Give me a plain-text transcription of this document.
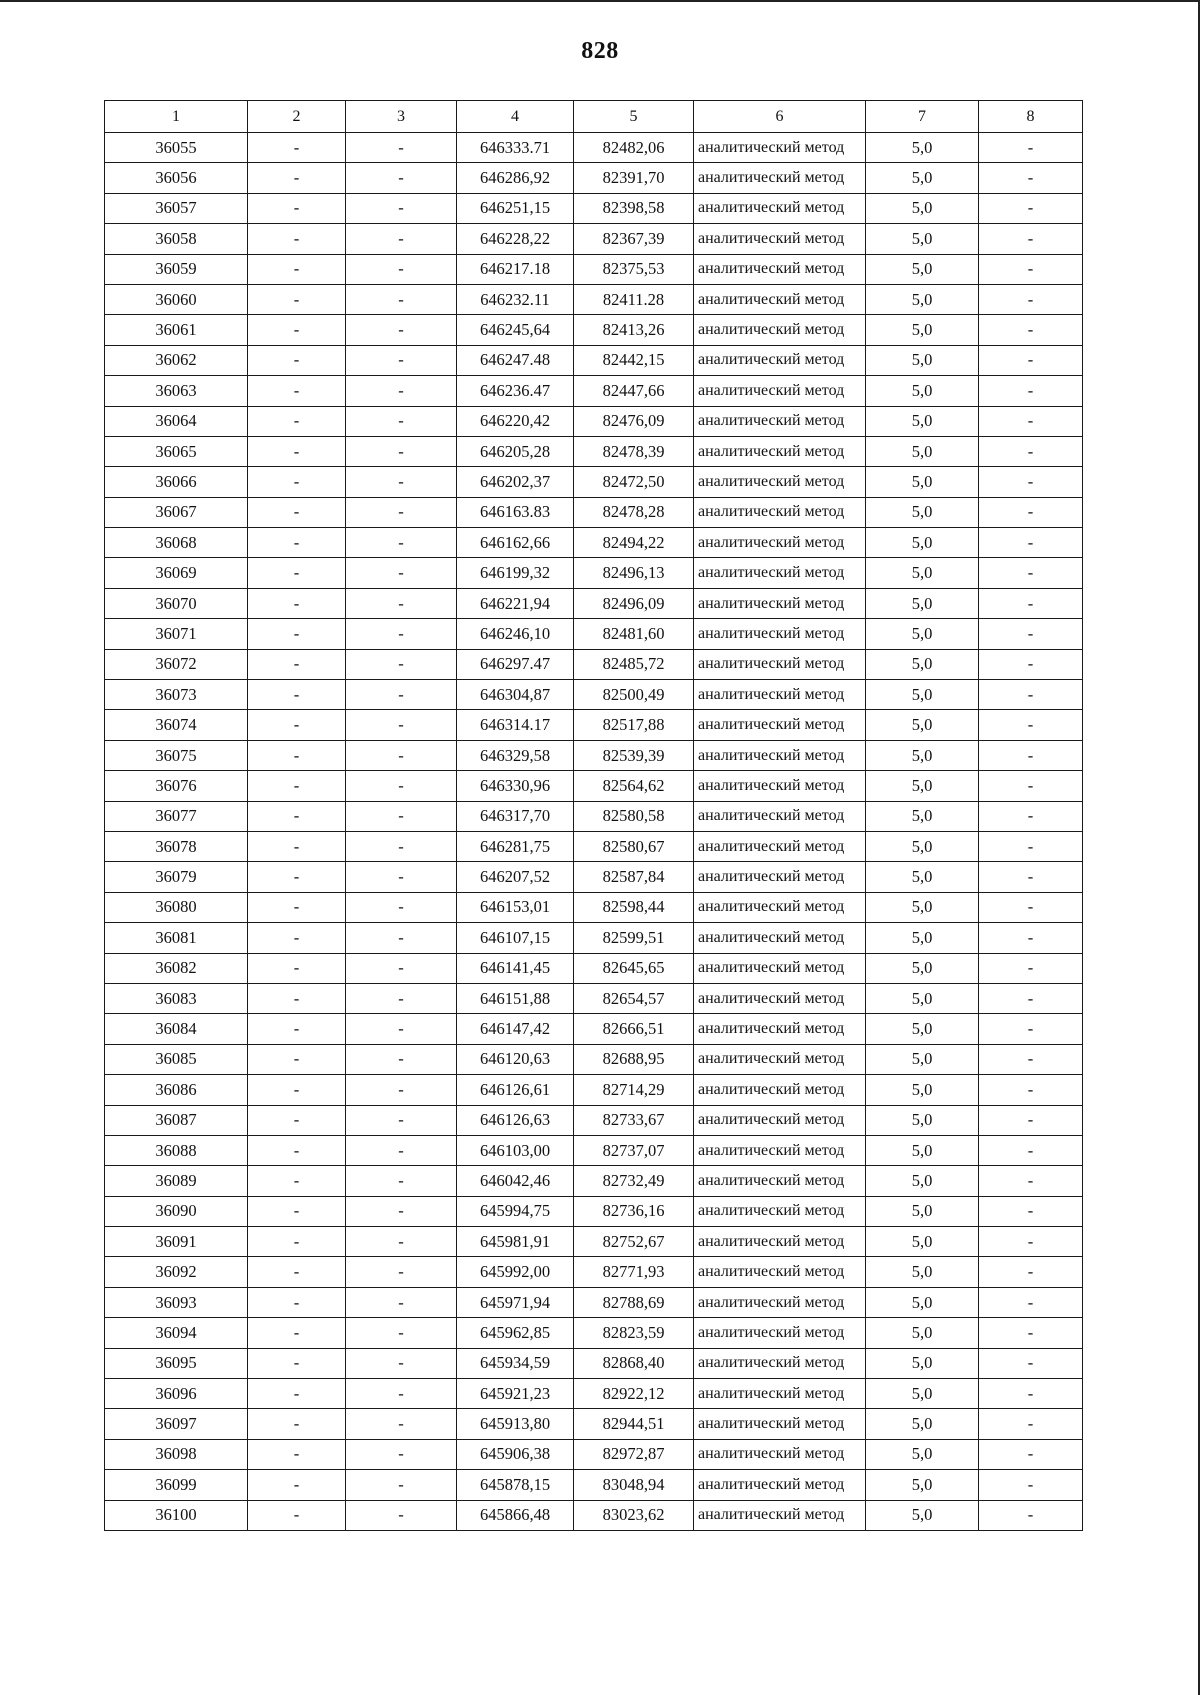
828
1	2	3	4	5	6	7	8
36055	-	-	646333.71	82482,06	аналитический метод	5,0	-
36056	-	-	646286,92	82391,70	аналитический метод	5,0	-
36057	-	-	646251,15	82398,58	аналитический метод	5,0	-
36058	-	-	646228,22	82367,39	аналитический метод	5,0	-
36059	-	-	646217.18	82375,53	аналитический метод	5,0	-
36060	-	-	646232.11	82411.28	аналитический метод	5,0	-
36061	-	-	646245,64	82413,26	аналитический метод	5,0	-
36062	-	-	646247.48	82442,15	аналитический метод	5,0	-
36063	-	-	646236.47	82447,66	аналитический метод	5,0	-
36064	-	-	646220,42	82476,09	аналитический метод	5,0	-
36065	-	-	646205,28	82478,39	аналитический метод	5,0	-
36066	-	-	646202,37	82472,50	аналитический метод	5,0	-
36067	-	-	646163.83	82478,28	аналитический метод	5,0	-
36068	-	-	646162,66	82494,22	аналитический метод	5,0	-
36069	-	-	646199,32	82496,13	аналитический метод	5,0	-
36070	-	-	646221,94	82496,09	аналитический метод	5,0	-
36071	-	-	646246,10	82481,60	аналитический метод	5,0	-
36072	-	-	646297.47	82485,72	аналитический метод	5,0	-
36073	-	-	646304,87	82500,49	аналитический метод	5,0	-
36074	-	-	646314.17	82517,88	аналитический метод	5,0	-
36075	-	-	646329,58	82539,39	аналитический метод	5,0	-
36076	-	-	646330,96	82564,62	аналитический метод	5,0	-
36077	-	-	646317,70	82580,58	аналитический метод	5,0	-
36078	-	-	646281,75	82580,67	аналитический метод	5,0	-
36079	-	-	646207,52	82587,84	аналитический метод	5,0	-
36080	-	-	646153,01	82598,44	аналитический метод	5,0	-
36081	-	-	646107,15	82599,51	аналитический метод	5,0	-
36082	-	-	646141,45	82645,65	аналитический метод	5,0	-
36083	-	-	646151,88	82654,57	аналитический метод	5,0	-
36084	-	-	646147,42	82666,51	аналитический метод	5,0	-
36085	-	-	646120,63	82688,95	аналитический метод	5,0	-
36086	-	-	646126,61	82714,29	аналитический метод	5,0	-
36087	-	-	646126,63	82733,67	аналитический метод	5,0	-
36088	-	-	646103,00	82737,07	аналитический метод	5,0	-
36089	-	-	646042,46	82732,49	аналитический метод	5,0	-
36090	-	-	645994,75	82736,16	аналитический метод	5,0	-
36091	-	-	645981,91	82752,67	аналитический метод	5,0	-
36092	-	-	645992,00	82771,93	аналитический метод	5,0	-
36093	-	-	645971,94	82788,69	аналитический метод	5,0	-
36094	-	-	645962,85	82823,59	аналитический метод	5,0	-
36095	-	-	645934,59	82868,40	аналитический метод	5,0	-
36096	-	-	645921,23	82922,12	аналитический метод	5,0	-
36097	-	-	645913,80	82944,51	аналитический метод	5,0	-
36098	-	-	645906,38	82972,87	аналитический метод	5,0	-
36099	-	-	645878,15	83048,94	аналитический метод	5,0	-
36100	-	-	645866,48	83023,62	аналитический метод	5,0	-
